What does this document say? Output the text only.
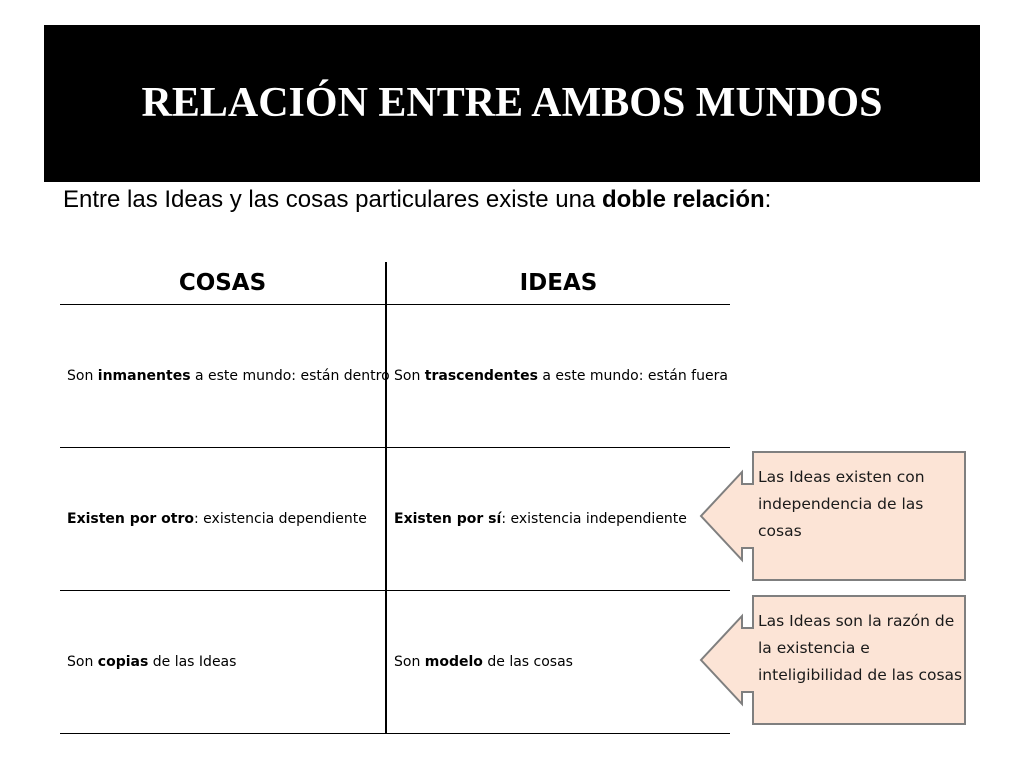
RELACIÓN ENTRE AMBOS MUNDOS

Entre las Ideas y las cosas particulares existe una doble relación:

COSAS	IDEAS
Son inmanentes a este mundo: están dentro	Son trascendentes a este mundo: están fuera
Existen por otro: existencia dependiente	Existen por sí: existencia independiente
Son copias de las Ideas	Son modelo de las cosas
Las Ideas existen con
independencia de las
cosas
Las Ideas son la razón de
la existencia e
inteligibilidad de las cosas
